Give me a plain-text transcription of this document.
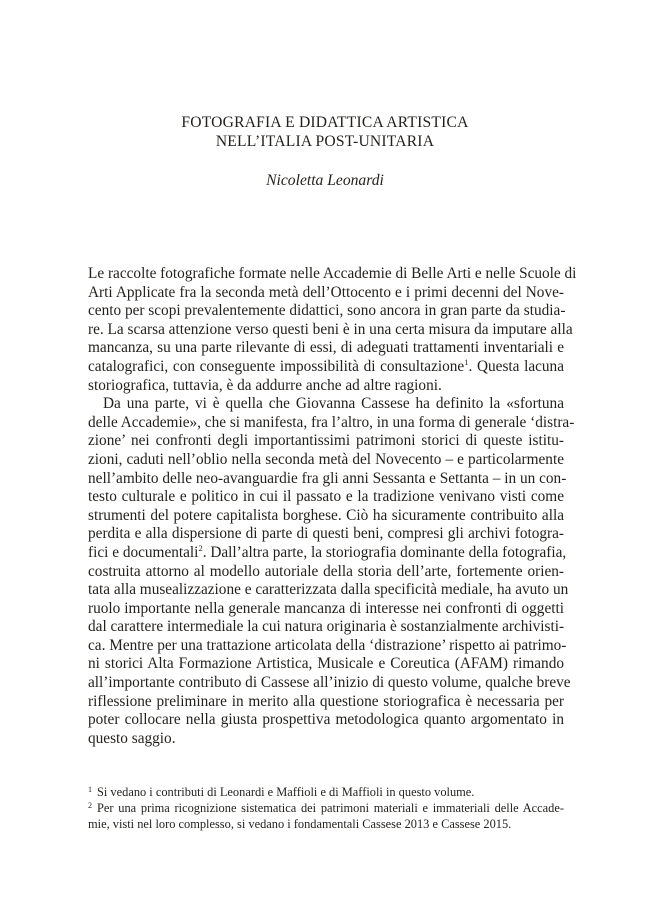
FOTOGRAFIA E DIDATTICA ARTISTICA
NELL’ITALIA POST-UNITARIA
Nicoletta Leonardi
Le raccolte fotografiche formate nelle Accademie di Belle Arti e nelle Scuole di
Arti Applicate fra la seconda metà dell’Ottocento e i primi decenni del Nove-
cento per scopi prevalentemente didattici, sono ancora in gran parte da studia-
re. La scarsa attenzione verso questi beni è in una certa misura da imputare alla
mancanza, su una parte rilevante di essi, di adeguati trattamenti inventariali e
catalografici, con conseguente impossibilità di consultazione$^1$. Questa lacuna
storiografica, tuttavia, è da addurre anche ad altre ragioni.
Da una parte, vi è quella che Giovanna Cassese ha definito la «sfortuna
delle Accademie», che si manifesta, fra l’altro, in una forma di generale ‘distra-
zione’ nei confronti degli importantissimi patrimoni storici di queste istitu-
zioni, caduti nell’oblio nella seconda metà del Novecento – e particolarmente
nell’ambito delle neo-avanguardie fra gli anni Sessanta e Settanta – in un con-
testo culturale e politico in cui il passato e la tradizione venivano visti come
strumenti del potere capitalista borghese. Ciò ha sicuramente contribuito alla
perdita e alla dispersione di parte di questi beni, compresi gli archivi fotogra-
fici e documentali$^2$. Dall’altra parte, la storiografia dominante della fotografia,
costruita attorno al modello autoriale della storia dell’arte, fortemente orien-
tata alla musealizzazione e caratterizzata dalla specificità mediale, ha avuto un
ruolo importante nella generale mancanza di interesse nei confronti di oggetti
dal carattere intermediale la cui natura originaria è sostanzialmente archivisti-
ca. Mentre per una trattazione articolata della ‘distrazione’ rispetto ai patrimo-
ni storici Alta Formazione Artistica, Musicale e Coreutica (AFAM) rimando
all’importante contributo di Cassese all’inizio di questo volume, qualche breve
riflessione preliminare in merito alla questione storiografica è necessaria per
poter collocare nella giusta prospettiva metodologica quanto argomentato in
questo saggio.
$^1$ Si vedano i contributi di Leonardi e Maffioli e di Maffioli in questo volume.
$^2$ Per una prima ricognizione sistematica dei patrimoni materiali e immateriali delle Accade-
mie, visti nel loro complesso, si vedano i fondamentali Cassese 2013 e Cassese 2015.
